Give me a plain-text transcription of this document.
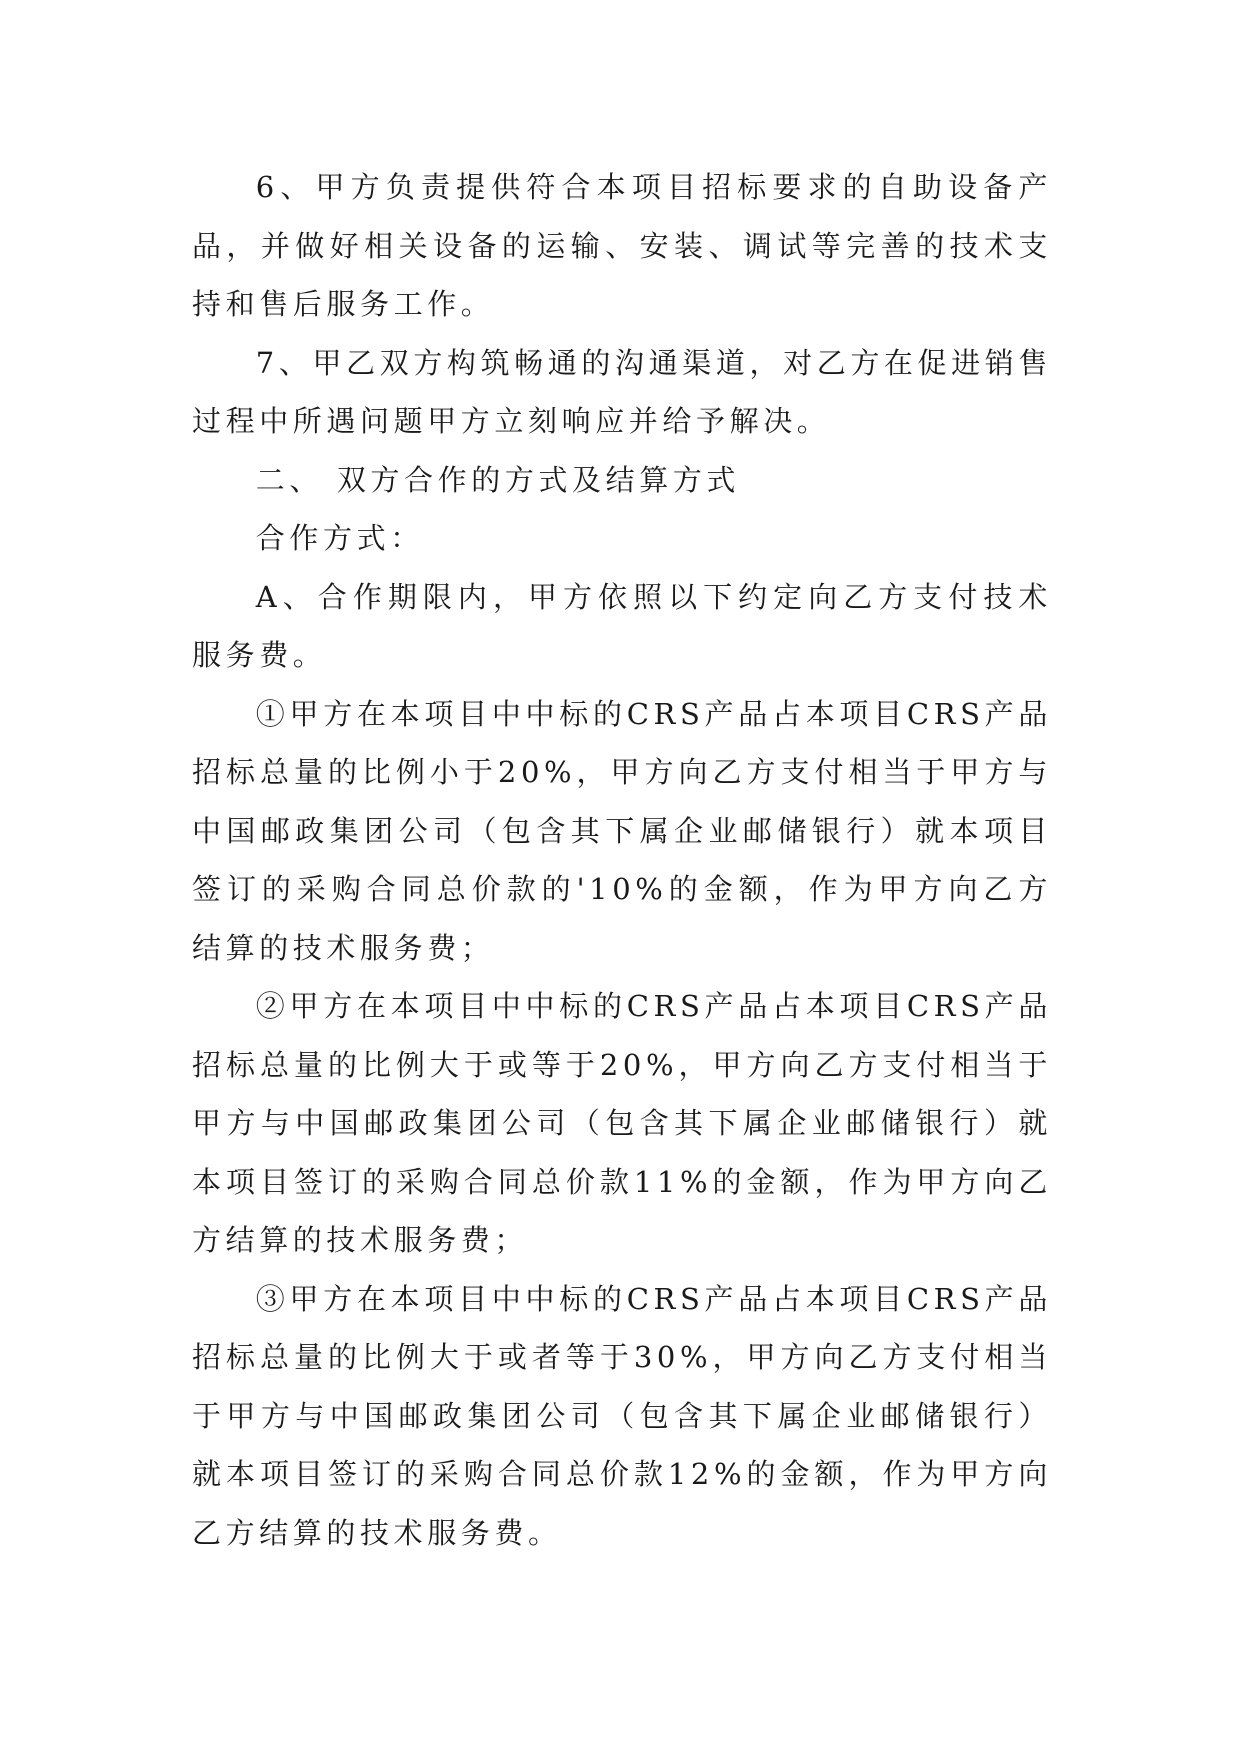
6、甲方负责提供符合本项目招标要求的自助设备产品，并做好相关设备的运输、安装、调试等完善的技术支持和售后服务工作。

7、甲乙双方构筑畅通的沟通渠道，对乙方在促进销售过程中所遇问题甲方立刻响应并给予解决。

二、 双方合作的方式及结算方式

合作方式：

A、合作期限内，甲方依照以下约定向乙方支付技术服务费。

①甲方在本项目中中标的CRS产品占本项目CRS产品招标总量的比例小于20%，甲方向乙方支付相当于甲方与中国邮政集团公司（包含其下属企业邮储银行）就本项目签订的采购合同总价款的'10%的金额，作为甲方向乙方结算的技术服务费；

②甲方在本项目中中标的CRS产品占本项目CRS产品招标总量的比例大于或等于20%，甲方向乙方支付相当于甲方与中国邮政集团公司（包含其下属企业邮储银行）就本项目签订的采购合同总价款11%的金额，作为甲方向乙方结算的技术服务费；

③甲方在本项目中中标的CRS产品占本项目CRS产品招标总量的比例大于或者等于30%，甲方向乙方支付相当于甲方与中国邮政集团公司（包含其下属企业邮储银行）就本项目签订的采购合同总价款12%的金额，作为甲方向乙方结算的技术服务费。
